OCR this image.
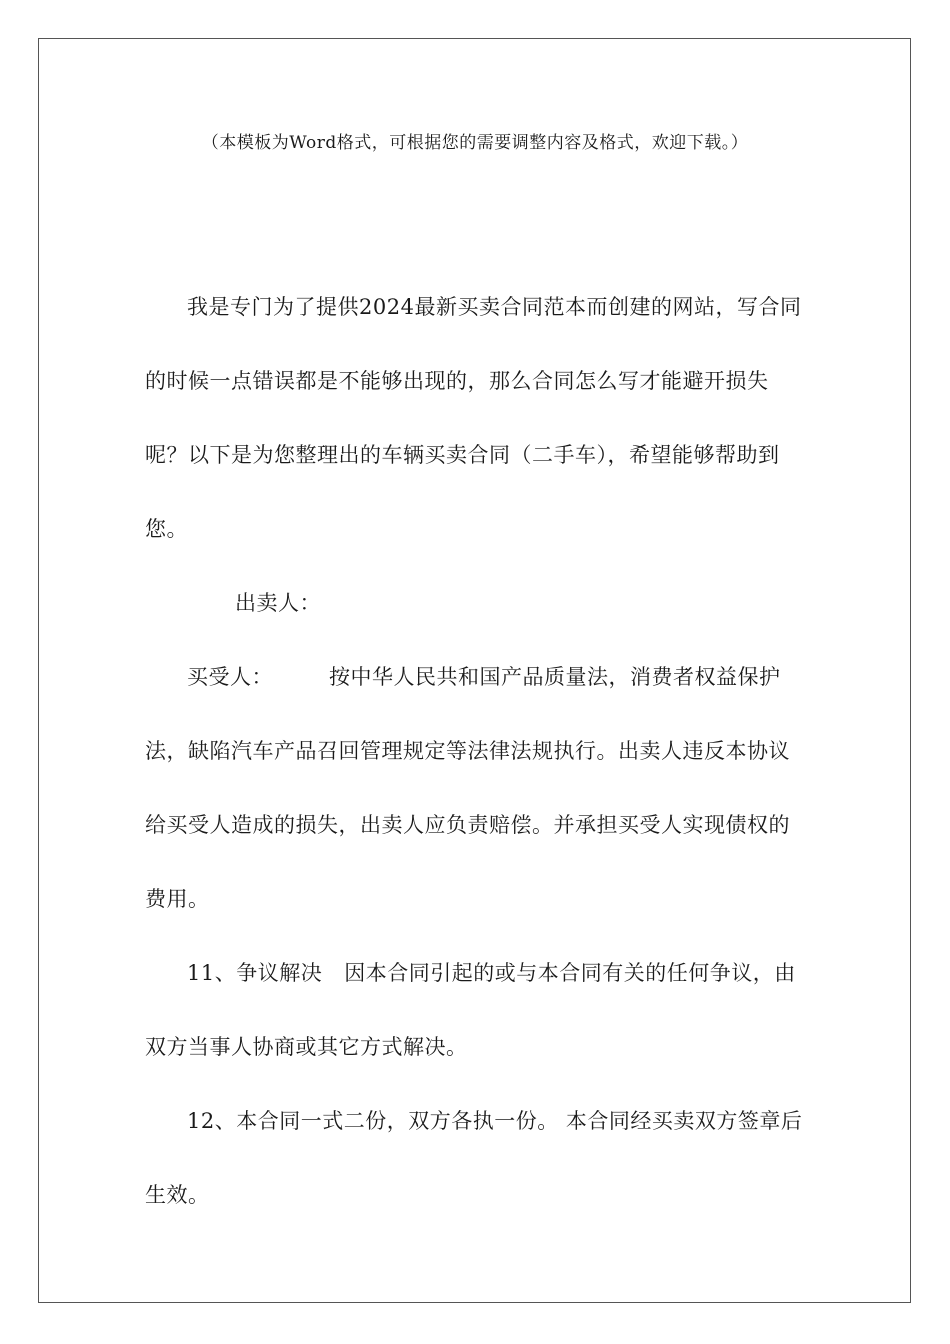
（本模板为Word格式，可根据您的需要调整内容及格式，欢迎下载。）

我是专门为了提供2024最新买卖合同范本而创建的网站，写合同的时候一点错误都是不能够出现的，那么合同怎么写才能避开损失呢？以下是为您整理出的车辆买卖合同（二手车），希望能够帮助到您。

出卖人：

买受人：	按中华人民共和国产品质量法，消费者权益保护法，缺陷汽车产品召回管理规定等法律法规执行。出卖人违反本协议给买受人造成的损失，出卖人应负责赔偿。并承担买受人实现债权的费用。

11、争议解决 因本合同引起的或与本合同有关的任何争议，由双方当事人协商或其它方式解决。

12、本合同一式二份，双方各执一份。 本合同经买卖双方签章后生效。
